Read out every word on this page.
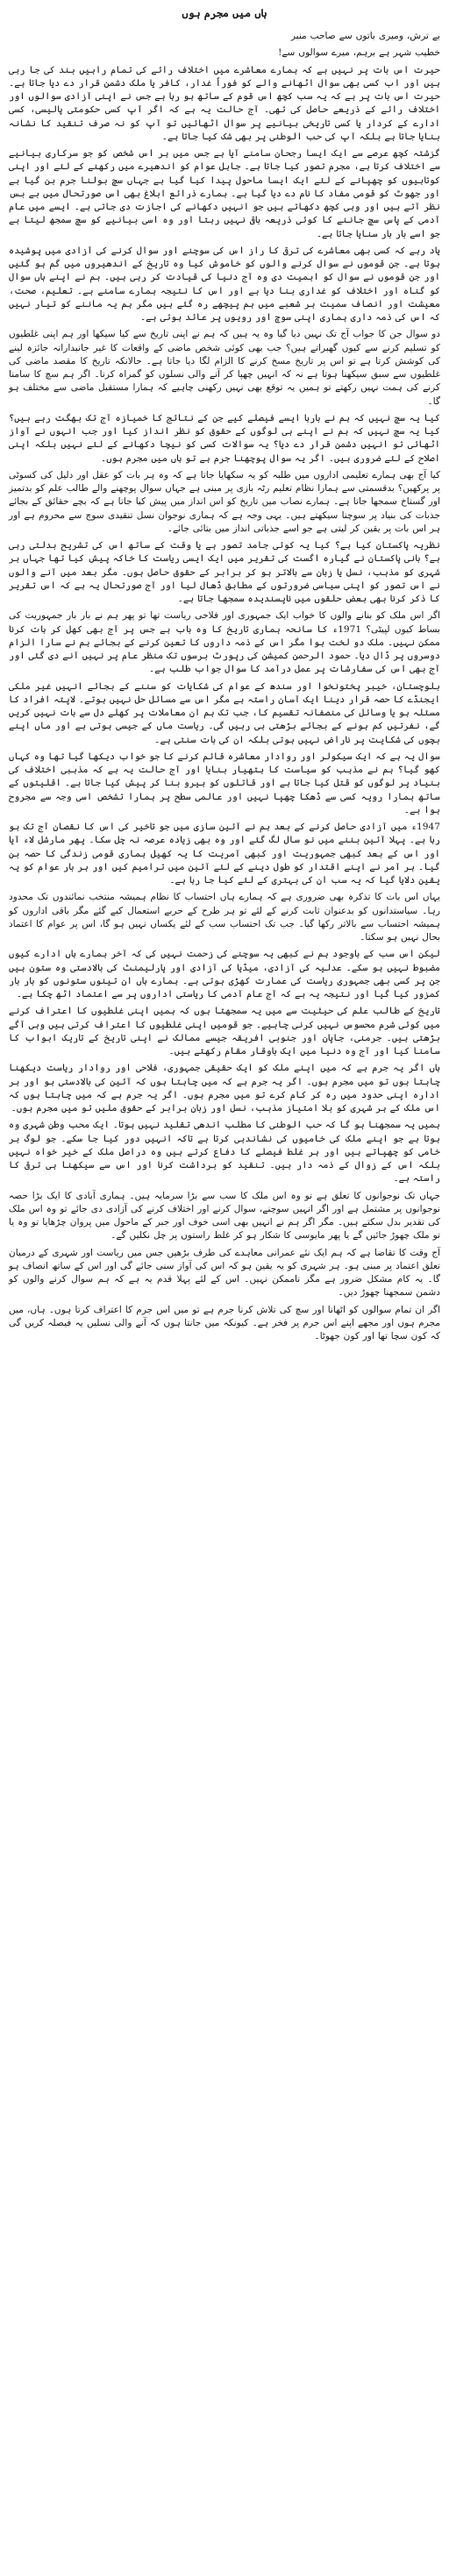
ہاں میں مجرم ہوں

بے ترش، ومیری باتوں سے صاحب منبر

خطیب شہر ہے برہم، میرے سوالوں سے!

حیرت اس بات پر نہیں ہے کہ ہمارے معاشرے میں اختلاف رائے کی تمام راہیں بند کی جا رہی ہیں اور اب کسی بھی سوال اٹھانے والے کو فوراً غدار، کافر یا ملک دشمن قرار دے دیا جاتا ہے۔ حیرت اس بات پر ہے کہ یہ سب کچھ اس قوم کے ساتھ ہو رہا ہے جس نے اپنی آزادی سوالوں اور اختلاف رائے کے ذریعے حاصل کی تھی۔ آج حالت یہ ہے کہ اگر آپ کسی حکومتی پالیسی، کسی ادارے کے کردار یا کسی تاریخی بیانیے پر سوال اٹھائیں تو آپ کو نہ صرف تنقید کا نشانہ بنایا جاتا ہے بلکہ آپ کی حب الوطنی پر بھی شک کیا جاتا ہے۔

گزشتہ کچھ عرصے سے ایک ایسا رجحان سامنے آیا ہے جس میں ہر اس شخص کو جو سرکاری بیانیے سے اختلاف کرتا ہے، مجرم تصور کیا جاتا ہے۔ جاہل عوام کو اندھیرے میں رکھنے کے لئے اور اپنی کوتاہیوں کو چھپانے کے لئے ایک ایسا ماحول پیدا کیا گیا ہے جہاں سچ بولنا جرم بن گیا ہے اور جھوٹ کو قومی مفاد کا نام دے دیا گیا ہے۔ ہمارے ذرائع ابلاغ بھی اس صورتحال میں بے بس نظر آتے ہیں اور وہی کچھ دکھاتے ہیں جو انہیں دکھانے کی اجازت دی جاتی ہے۔ ایسے میں عام آدمی کے پاس سچ جاننے کا کوئی ذریعہ باقی نہیں رہتا اور وہ اسی بیانیے کو سچ سمجھ لیتا ہے جو اسے بار بار سنایا جاتا ہے۔

یاد رہے کہ کسی بھی معاشرے کی ترقی کا راز اس کی سوچنے اور سوال کرنے کی آزادی میں پوشیدہ ہوتا ہے۔ جن قوموں نے سوال کرنے والوں کو خاموش کیا وہ تاریخ کے اندھیروں میں گم ہو گئیں اور جن قوموں نے سوال کو اہمیت دی وہ آج دنیا کی قیادت کر رہی ہیں۔ ہم نے اپنے ہاں سوال کو گناہ اور اختلاف کو غداری بنا دیا ہے اور اس کا نتیجہ ہمارے سامنے ہے۔ تعلیم، صحت، معیشت اور انصاف سمیت ہر شعبے میں ہم پیچھے رہ گئے ہیں مگر ہم یہ ماننے کو تیار نہیں کہ اس کی ذمہ داری ہماری اپنی سوچ اور رویوں پر عائد ہوتی ہے۔

دو سوال جن کا جواب آج تک نہیں دیا گیا وہ یہ ہیں کہ ہم نے اپنی تاریخ سے کیا سیکھا اور ہم اپنی غلطیوں کو تسلیم کرنے سے کیوں گھبراتے ہیں؟ جب بھی کوئی شخص ماضی کے واقعات کا غیر جانبدارانہ جائزہ لینے کی کوشش کرتا ہے تو اس پر تاریخ مسخ کرنے کا الزام لگا دیا جاتا ہے۔ حالانکہ تاریخ کا مقصد ماضی کی غلطیوں سے سبق سیکھنا ہوتا ہے نہ کہ انہیں چھپا کر آنے والی نسلوں کو گمراہ کرنا۔ اگر ہم سچ کا سامنا کرنے کی ہمت نہیں رکھتے تو ہمیں یہ توقع بھی نہیں رکھنی چاہیے کہ ہمارا مستقبل ماضی سے مختلف ہو گا۔

کیا یہ سچ نہیں کہ ہم نے بارہا ایسے فیصلے کیے جن کے نتائج کا خمیازہ آج تک بھگت رہے ہیں؟ کیا یہ سچ نہیں کہ ہم نے اپنے ہی لوگوں کے حقوق کو نظر انداز کیا اور جب انہوں نے آواز اٹھائی تو انہیں دشمن قرار دے دیا؟ یہ سوالات کسی کو نیچا دکھانے کے لئے نہیں بلکہ اپنی اصلاح کے لئے ضروری ہیں۔ اگر یہ سوال پوچھنا جرم ہے تو ہاں میں مجرم ہوں۔

کیا آج بھی ہمارے تعلیمی اداروں میں طلبہ کو یہ سکھایا جاتا ہے کہ وہ ہر بات کو عقل اور دلیل کی کسوٹی پر پرکھیں؟ بدقسمتی سے ہمارا نظام تعلیم رٹہ بازی پر مبنی ہے جہاں سوال پوچھنے والے طالب علم کو بدتمیز اور گستاخ سمجھا جاتا ہے۔ ہمارے نصاب میں تاریخ کو اس انداز میں پیش کیا جاتا ہے کہ بچے حقائق کے بجائے جذبات کی بنیاد پر سوچنا سیکھتے ہیں۔ یہی وجہ ہے کہ ہماری نوجوان نسل تنقیدی سوچ سے محروم ہے اور ہر اس بات پر یقین کر لیتی ہے جو اسے جذباتی انداز میں بتائی جائے۔

نظریہ پاکستان کیا ہے؟ کیا یہ کوئی جامد تصور ہے یا وقت کے ساتھ اس کی تشریح بدلتی رہی ہے؟ بانی پاکستان نے گیارہ اگست کی تقریر میں ایک ایسی ریاست کا خاکہ پیش کیا تھا جہاں ہر شہری کو مذہب، نسل یا زبان سے بالاتر ہو کر برابر کے حقوق حاصل ہوں۔ مگر بعد میں آنے والوں نے اس تصور کو اپنی سیاسی ضرورتوں کے مطابق ڈھال لیا اور آج صورتحال یہ ہے کہ اس تقریر کا ذکر کرنا بھی بعض حلقوں میں ناپسندیدہ سمجھا جاتا ہے۔

اگر اس ملک کو بنانے والوں کا خواب ایک جمہوری اور فلاحی ریاست تھا تو پھر ہم نے بار بار جمہوریت کی بساط کیوں لپیٹی؟ 1971ء کا سانحہ ہماری تاریخ کا وہ باب ہے جس پر آج بھی کھل کر بات کرنا ممکن نہیں۔ ملک دو لخت ہوا مگر اس کے ذمہ داروں کا تعین کرنے کے بجائے ہم نے سارا الزام دوسروں پر ڈال دیا۔ حمود الرحمن کمیشن کی رپورٹ برسوں تک منظر عام پر نہیں آنے دی گئی اور آج بھی اس کی سفارشات پر عمل درآمد کا سوال جواب طلب ہے۔

بلوچستان، خیبر پختونخوا اور سندھ کے عوام کی شکایات کو سننے کے بجائے انہیں غیر ملکی ایجنڈے کا حصہ قرار دینا ایک آسان راستہ ہے مگر اس سے مسائل حل نہیں ہوتے۔ لاپتہ افراد کا مسئلہ ہو یا وسائل کی منصفانہ تقسیم کا، جب تک ہم ان معاملات پر کھلے دل سے بات نہیں کریں گے، نفرتیں کم ہونے کے بجائے بڑھتی ہی رہیں گی۔ ریاست ماں کے جیسی ہوتی ہے اور ماں اپنے بچوں کی شکایت پر ناراض نہیں ہوتی بلکہ ان کی بات سنتی ہے۔

سوال یہ ہے کہ ایک سیکولر اور روادار معاشرہ قائم کرنے کا جو خواب دیکھا گیا تھا وہ کہاں کھو گیا؟ ہم نے مذہب کو سیاست کا ہتھیار بنایا اور آج حالت یہ ہے کہ مذہبی اختلاف کی بنیاد پر لوگوں کو قتل کیا جاتا ہے اور قاتلوں کو ہیرو بنا کر پیش کیا جاتا ہے۔ اقلیتوں کے ساتھ ہمارا رویہ کسی سے ڈھکا چھپا نہیں اور عالمی سطح پر ہمارا تشخص اسی وجہ سے مجروح ہوا ہے۔

1947ء میں آزادی حاصل کرنے کے بعد ہم نے آئین سازی میں جو تاخیر کی اس کا نقصان آج تک ہو رہا ہے۔ پہلا آئین بننے میں نو سال لگ گئے اور وہ بھی زیادہ عرصہ نہ چل سکا۔ پھر مارشل لاء آیا اور اس کے بعد کبھی جمہوریت اور کبھی آمریت کا یہ کھیل ہماری قومی زندگی کا حصہ بن گیا۔ ہر آمر نے اپنے اقتدار کو طول دینے کے لئے آئین میں ترامیم کیں اور ہر بار عوام کو یہ یقین دلایا گیا کہ یہ سب ان کی بہتری کے لئے کیا جا رہا ہے۔

یہاں اس بات کا تذکرہ بھی ضروری ہے کہ ہمارے ہاں احتساب کا نظام ہمیشہ منتخب نمائندوں تک محدود رہا۔ سیاستدانوں کو بدعنوان ثابت کرنے کے لئے تو ہر طرح کے حربے استعمال کیے گئے مگر باقی اداروں کو ہمیشہ احتساب سے بالاتر رکھا گیا۔ جب تک احتساب سب کے لئے یکساں نہیں ہو گا، اس پر عوام کا اعتماد بحال نہیں ہو سکتا۔

لیکن اس سب کے باوجود ہم نے کبھی یہ سوچنے کی زحمت نہیں کی کہ آخر ہمارے ہاں ادارے کیوں مضبوط نہیں ہو سکے۔ عدلیہ کی آزادی، میڈیا کی آزادی اور پارلیمنٹ کی بالادستی وہ ستون ہیں جن پر کسی بھی جمہوری ریاست کی عمارت کھڑی ہوتی ہے۔ ہمارے ہاں ان تینوں ستونوں کو بار بار کمزور کیا گیا اور نتیجہ یہ ہے کہ آج عام آدمی کا ریاستی اداروں پر سے اعتماد اٹھ چکا ہے۔

تاریخ کے طالب علم کی حیثیت سے میں یہ سمجھتا ہوں کہ ہمیں اپنی غلطیوں کا اعتراف کرنے میں کوئی شرم محسوس نہیں کرنی چاہیے۔ جو قومیں اپنی غلطیوں کا اعتراف کرتی ہیں وہی آگے بڑھتی ہیں۔ جرمنی، جاپان اور جنوبی افریقہ جیسے ممالک نے اپنی تاریخ کے تاریک ابواب کا سامنا کیا اور آج وہ دنیا میں ایک باوقار مقام رکھتے ہیں۔

ہاں اگر یہ جرم ہے کہ میں اپنے ملک کو ایک حقیقی جمہوری، فلاحی اور روادار ریاست دیکھنا چاہتا ہوں تو میں مجرم ہوں۔ اگر یہ جرم ہے کہ میں چاہتا ہوں کہ آئین کی بالادستی ہو اور ہر ادارہ اپنی حدود میں رہ کر کام کرے تو میں مجرم ہوں۔ اگر یہ جرم ہے کہ میں چاہتا ہوں کہ اس ملک کے ہر شہری کو بلا امتیاز مذہب، نسل اور زبان برابر کے حقوق ملیں تو میں مجرم ہوں۔

ہمیں یہ سمجھنا ہو گا کہ حب الوطنی کا مطلب اندھی تقلید نہیں ہوتا۔ ایک محب وطن شہری وہ ہوتا ہے جو اپنے ملک کی خامیوں کی نشاندہی کرتا ہے تاکہ انہیں دور کیا جا سکے۔ جو لوگ ہر خامی کو چھپاتے ہیں اور ہر غلط فیصلے کا دفاع کرتے ہیں وہ دراصل ملک کے خیر خواہ نہیں بلکہ اس کے زوال کے ذمہ دار ہیں۔ تنقید کو برداشت کرنا اور اس سے سیکھنا ہی ترقی کا راستہ ہے۔

جہاں تک نوجوانوں کا تعلق ہے تو وہ اس ملک کا سب سے بڑا سرمایہ ہیں۔ ہماری آبادی کا ایک بڑا حصہ نوجوانوں پر مشتمل ہے اور اگر انہیں سوچنے، سوال کرنے اور اختلاف کرنے کی آزادی دی جائے تو وہ اس ملک کی تقدیر بدل سکتے ہیں۔ مگر اگر ہم نے انہیں بھی اسی خوف اور جبر کے ماحول میں پروان چڑھایا تو وہ یا تو ملک چھوڑ جائیں گے یا پھر مایوسی کا شکار ہو کر غلط راستوں پر چل نکلیں گے۔

آج وقت کا تقاضا ہے کہ ہم ایک نئے عمرانی معاہدے کی طرف بڑھیں جس میں ریاست اور شہری کے درمیان تعلق اعتماد پر مبنی ہو۔ ہر شہری کو یہ یقین ہو کہ اس کی آواز سنی جائے گی اور اس کے ساتھ انصاف ہو گا۔ یہ کام مشکل ضرور ہے مگر ناممکن نہیں۔ اس کے لئے پہلا قدم یہ ہے کہ ہم سوال کرنے والوں کو دشمن سمجھنا چھوڑ دیں۔

اگر ان تمام سوالوں کو اٹھانا اور سچ کی تلاش کرنا جرم ہے تو میں اس جرم کا اعتراف کرتا ہوں۔ ہاں، میں مجرم ہوں اور مجھے اپنے اس جرم پر فخر ہے۔ کیونکہ میں جانتا ہوں کہ آنے والی نسلیں یہ فیصلہ کریں گی کہ کون سچا تھا اور کون جھوٹا۔
